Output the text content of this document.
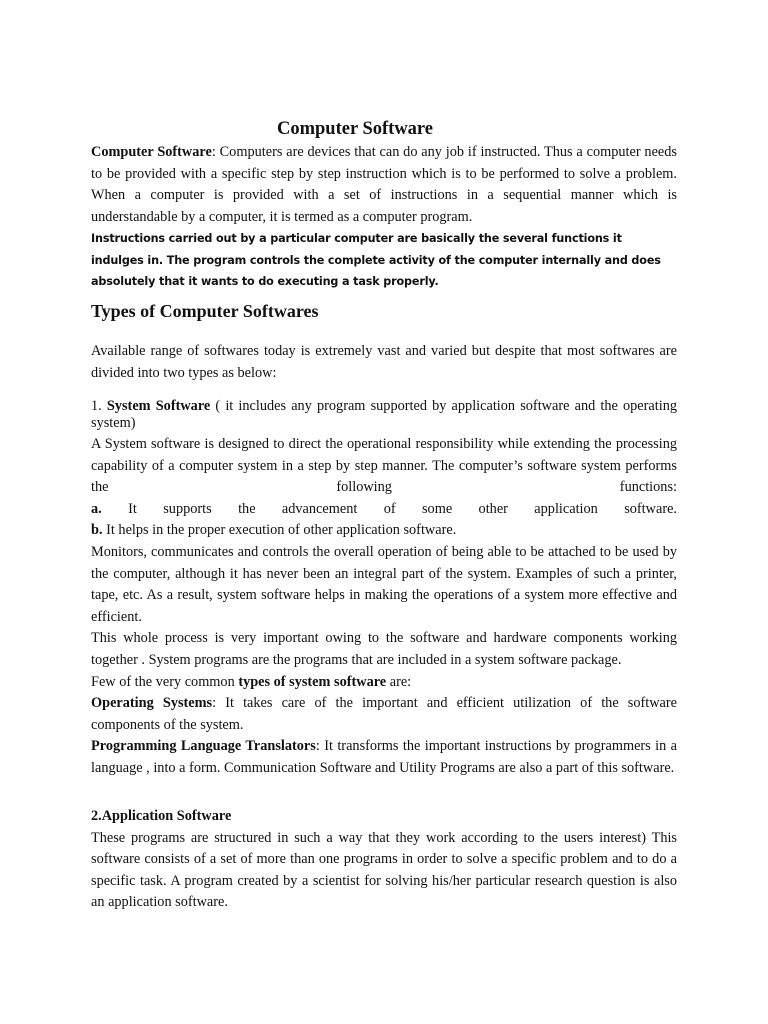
Computer Software

Computer Software: Computers are devices that can do any job if instructed. Thus a computer needs to be provided with a specific step by step instruction which is to be performed to solve a problem. When a computer is provided with a set of instructions in a sequential manner which is understandable by a computer, it is termed as a computer program.

Instructions carried out by a particular computer are basically the several functions it indulges in. The program controls the complete activity of the computer internally and does absolutely that it wants to do executing a task properly.

Types of Computer Softwares

Available range of softwares today is extremely vast and varied but despite that most softwares are divided into two types as below:

1. System Software ( it includes any program supported by application software and the operating system)

A System software is designed to direct the operational responsibility while extending the processing capability of a computer system in a step by step manner. The computer’s software system performs the following functions:

a. It supports the advancement of some other application software.

b. It helps in the proper execution of other application software.

Monitors, communicates and controls the overall operation of being able to be attached to be used by the computer, although it has never been an integral part of the system. Examples of such a printer, tape, etc. As a result, system software helps in making the operations of a system more effective and efficient.

This whole process is very important owing to the software and hardware components working together . System programs are the programs that are included in a system software package.

Few of the very common types of system software are:

Operating Systems: It takes care of the important and efficient utilization of the software components of the system.

Programming Language Translators: It transforms the important instructions by programmers in a language , into a form. Communication Software and Utility Programs are also a part of this software.

2.Application Software

These programs are structured in such a way that they work according to the users interest) This software consists of a set of more than one programs in order to solve a specific problem and to do a specific task. A program created by a scientist for solving his/her particular research question is also an application software.
